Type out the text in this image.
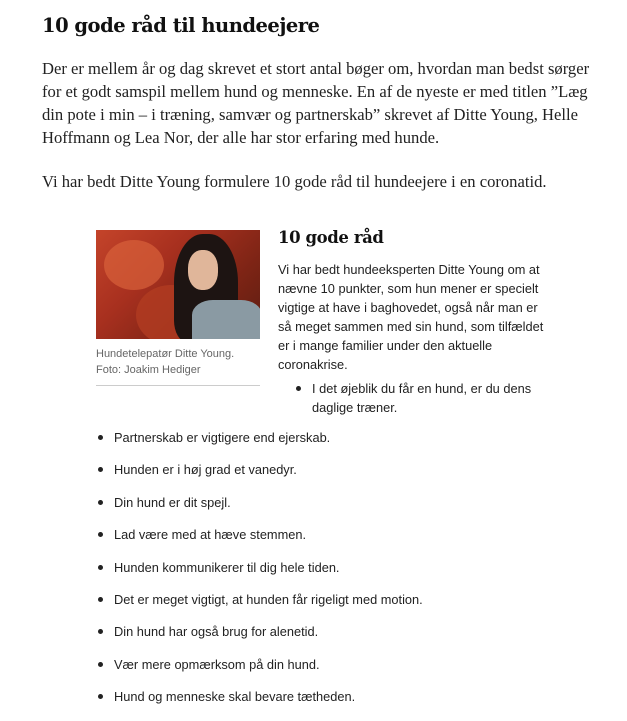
10 gode råd til hundeejere

Der er mellem år og dag skrevet et stort antal bøger om, hvordan man bedst sørger for et godt samspil mellem hund og menneske. En af de nyeste er med titlen ”Læg din pote i min – i træning, samvær og partnerskab” skrevet af Ditte Young, Helle Hoffmann og Lea Nor, der alle har stor erfaring med hunde.

Vi har bedt Ditte Young formulere 10 gode råd til hundeejere i en coronatid.

Hundetelepatør Ditte Young. Foto: Joakim Hediger
10 gode råd

Vi har bedt hundeeksperten Ditte Young om at nævne 10 punkter, som hun mener er specielt vigtige at have i baghovedet, også når man er så meget sammen med sin hund, som tilfældet er i mange familier under den aktuelle coronakrise.

I det øjeblik du får en hund, er du dens daglige træner.
Partnerskab er vigtigere end ejerskab.
Hunden er i høj grad et vanedyr.
Din hund er dit spejl.
Lad være med at hæve stemmen.
Hunden kommunikerer til dig hele tiden.
Det er meget vigtigt, at hunden får rigeligt med motion.
Din hund har også brug for alenetid.
Vær mere opmærksom på din hund.
Hund og menneske skal bevare tætheden.
